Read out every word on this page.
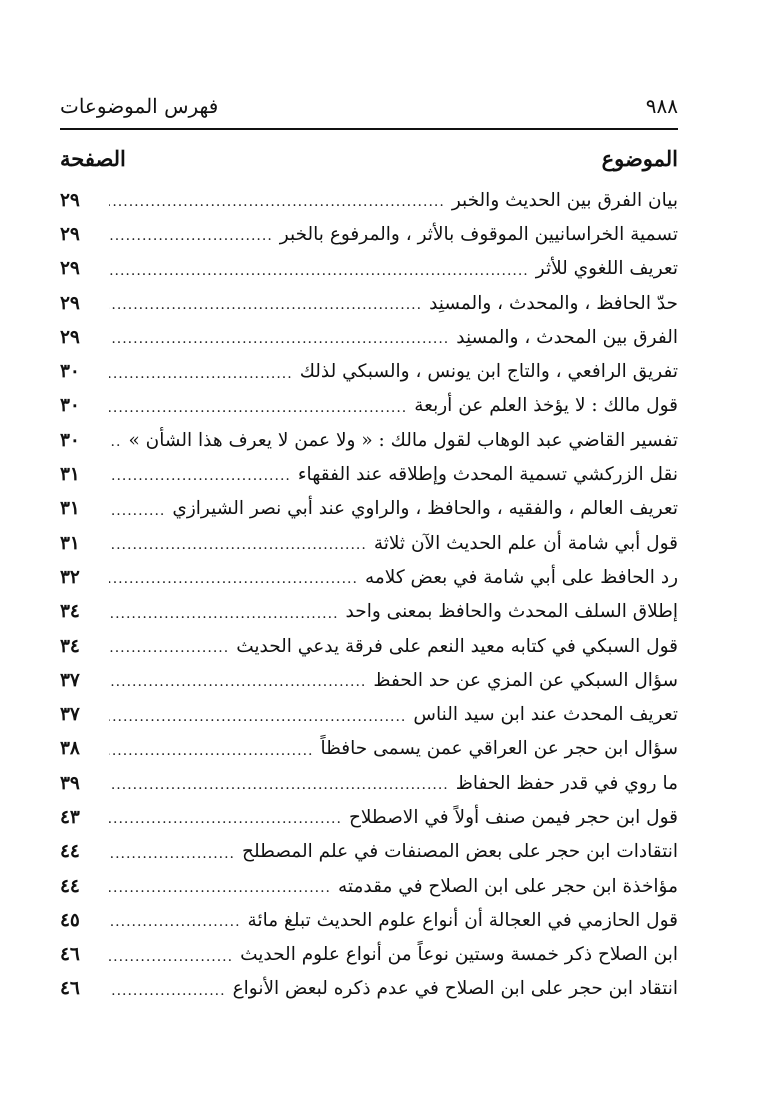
فهرس الموضوعات	٩٨٨
الصفحة	الموضوع
بيان الفرق بين الحديث والخبر
.....
٢٩
تسمية الخراسانيين الموقوف بالأثر ، والمرفوع بالخبر
.....
٢٩
تعريف اللغوي للأثر
.....
٢٩
حدّ الحافظ ، والمحدث ، والمسنِد
.....
٢٩
الفرق بين المحدث ، والمسنِد
.....
٢٩
تفريق الرافعي ، والتاج ابن يونس ، والسبكي لذلك
.....
٣٠
قول مالك : لا يؤخذ العلم عن أربعة
.....
٣٠
تفسير القاضي عبد الوهاب لقول مالك : « ولا عمن لا يعرف هذا الشأن »
.....
٣٠
نقل الزركشي تسمية المحدث وإطلاقه عند الفقهاء
.....
٣١
تعريف العالم ، والفقيه ، والحافظ ، والراوي عند أبي نصر الشيرازي
.....
٣١
قول أبي شامة أن علم الحديث الآن ثلاثة
.....
٣١
رد الحافظ على أبي شامة في بعض كلامه
.....
٣٢
إطلاق السلف المحدث والحافظ بمعنى واحد
.....
٣٤
قول السبكي في كتابه معيد النعم على فرقة يدعي الحديث
.....
٣٤
سؤال السبكي عن المزي عن حد الحفظ
.....
٣٧
تعريف المحدث عند ابن سيد الناس
.....
٣٧
سؤال ابن حجر عن العراقي عمن يسمى حافظاً
.....
٣٨
ما روي في قدر حفظ الحفاظ
.....
٣٩
قول ابن حجر فيمن صنف أولاً في الاصطلاح
.....
٤٣
انتقادات ابن حجر على بعض المصنفات في علم المصطلح
.....
٤٤
مؤاخذة ابن حجر على ابن الصلاح في مقدمته
.....
٤٤
قول الحازمي في العجالة أن أنواع علوم الحديث تبلغ مائة
.....
٤٥
ابن الصلاح ذكر خمسة وستين نوعاً من أنواع علوم الحديث
.....
٤٦
انتقاد ابن حجر على ابن الصلاح في عدم ذكره لبعض الأنواع
.....
٤٦
